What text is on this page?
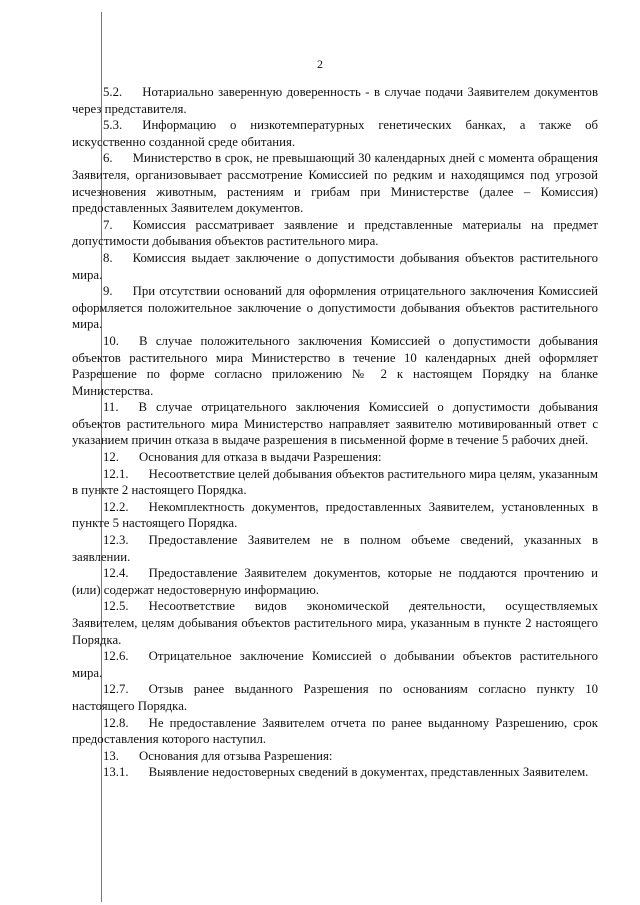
2

5.2. Нотариально заверенную доверенность - в случае подачи Заявителем документов через представителя.

5.3. Информацию о низкотемпературных генетических банках, а также об искусственно созданной среде обитания.

6. Министерство в срок, не превышающий 30 календарных дней с момента обращения Заявителя, организовывает рассмотрение Комиссией по редким и находящимся под угрозой исчезновения животным, растениям и грибам при Министерстве (далее – Комиссия) предоставленных Заявителем документов.

7. Комиссия рассматривает заявление и представленные материалы на предмет допустимости добывания объектов растительного мира.

8. Комиссия выдает заключение о допустимости добывания объектов растительного мира.

9. При отсутствии оснований для оформления отрицательного заключения Комиссией оформляется положительное заключение о допустимости добывания объектов растительного мира.

10. В случае положительного заключения Комиссией о допустимости добывания объектов растительного мира Министерство в течение 10 календарных дней оформляет Разрешение по форме согласно приложению № 2 к настоящем Порядку на бланке Министерства.

11. В случае отрицательного заключения Комиссией о допустимости добывания объектов растительного мира Министерство направляет заявителю мотивированный ответ с указанием причин отказа в выдаче разрешения в письменной форме в течение 5 рабочих дней.

12. Основания для отказа в выдачи Разрешения:

12.1. Несоответствие целей добывания объектов растительного мира целям, указанным в пункте 2 настоящего Порядка.

12.2. Некомплектность документов, предоставленных Заявителем, установленных в пункте 5 настоящего Порядка.

12.3. Предоставление Заявителем не в полном объеме сведений, указанных в заявлении.

12.4. Предоставление Заявителем документов, которые не поддаются прочтению и (или) содержат недостоверную информацию.

12.5. Несоответствие видов экономической деятельности, осуществляемых Заявителем, целям добывания объектов растительного мира, указанным в пункте 2 настоящего Порядка.

12.6. Отрицательное заключение Комиссией о добывании объектов растительного мира.

12.7. Отзыв ранее выданного Разрешения по основаниям согласно пункту 10 настоящего Порядка.

12.8. Не предоставление Заявителем отчета по ранее выданному Разрешению, срок предоставления которого наступил.

13. Основания для отзыва Разрешения:

13.1. Выявление недостоверных сведений в документах, представленных Заявителем.
